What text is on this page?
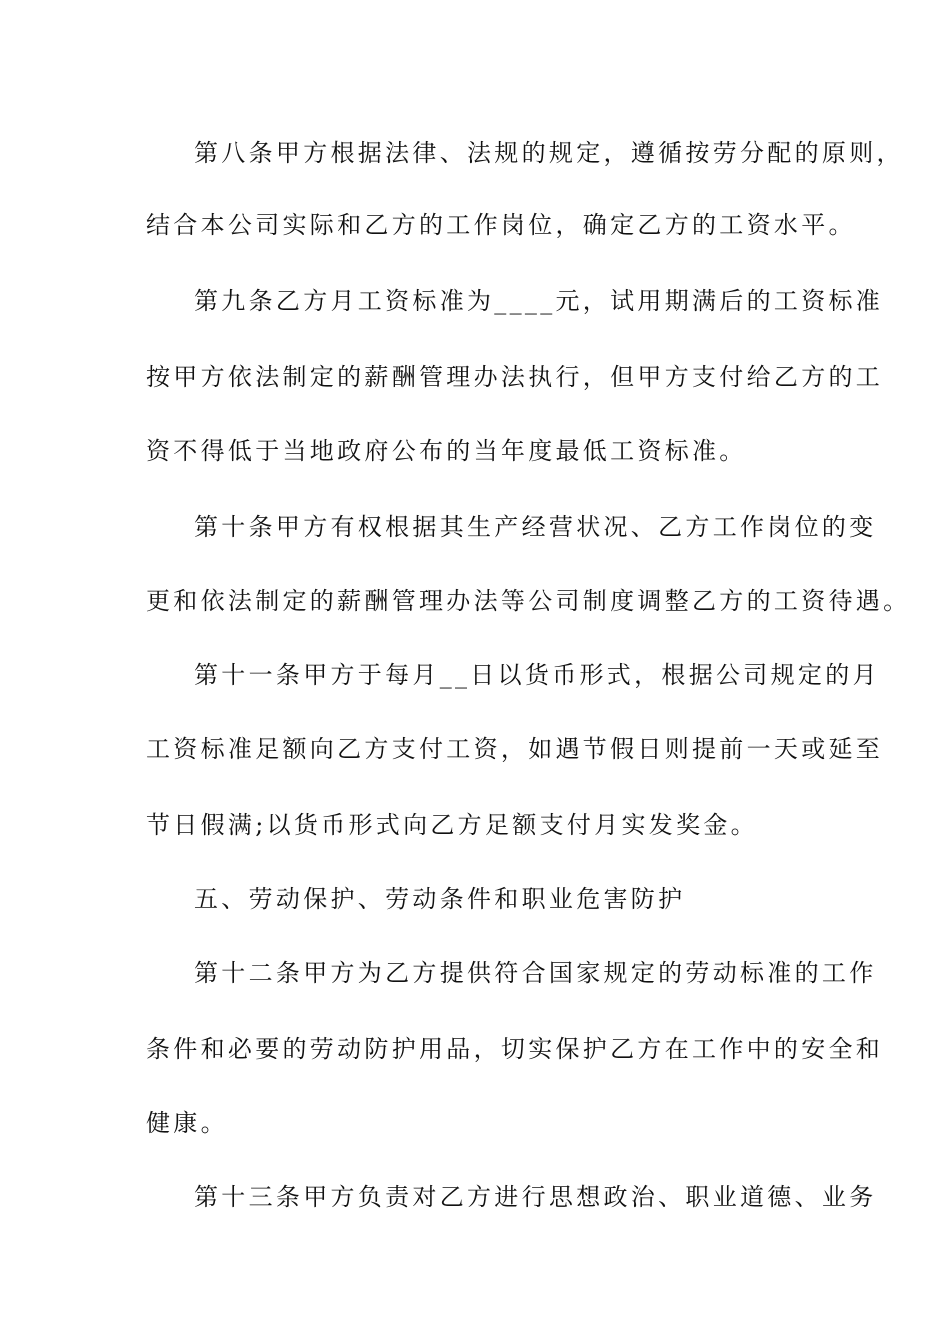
第八条甲方根据法律、法规的规定，遵循按劳分配的原则，
结合本公司实际和乙方的工作岗位，确定乙方的工资水平。
第九条乙方月工资标准为____元，试用期满后的工资标准
按甲方依法制定的薪酬管理办法执行，但甲方支付给乙方的工
资不得低于当地政府公布的当年度最低工资标准。
第十条甲方有权根据其生产经营状况、乙方工作岗位的变
更和依法制定的薪酬管理办法等公司制度调整乙方的工资待遇。
第十一条甲方于每月__日以货币形式，根据公司规定的月
工资标准足额向乙方支付工资，如遇节假日则提前一天或延至
节日假满;以货币形式向乙方足额支付月实发奖金。
五、劳动保护、劳动条件和职业危害防护
第十二条甲方为乙方提供符合国家规定的劳动标准的工作
条件和必要的劳动防护用品，切实保护乙方在工作中的安全和
健康。
第十三条甲方负责对乙方进行思想政治、职业道德、业务
